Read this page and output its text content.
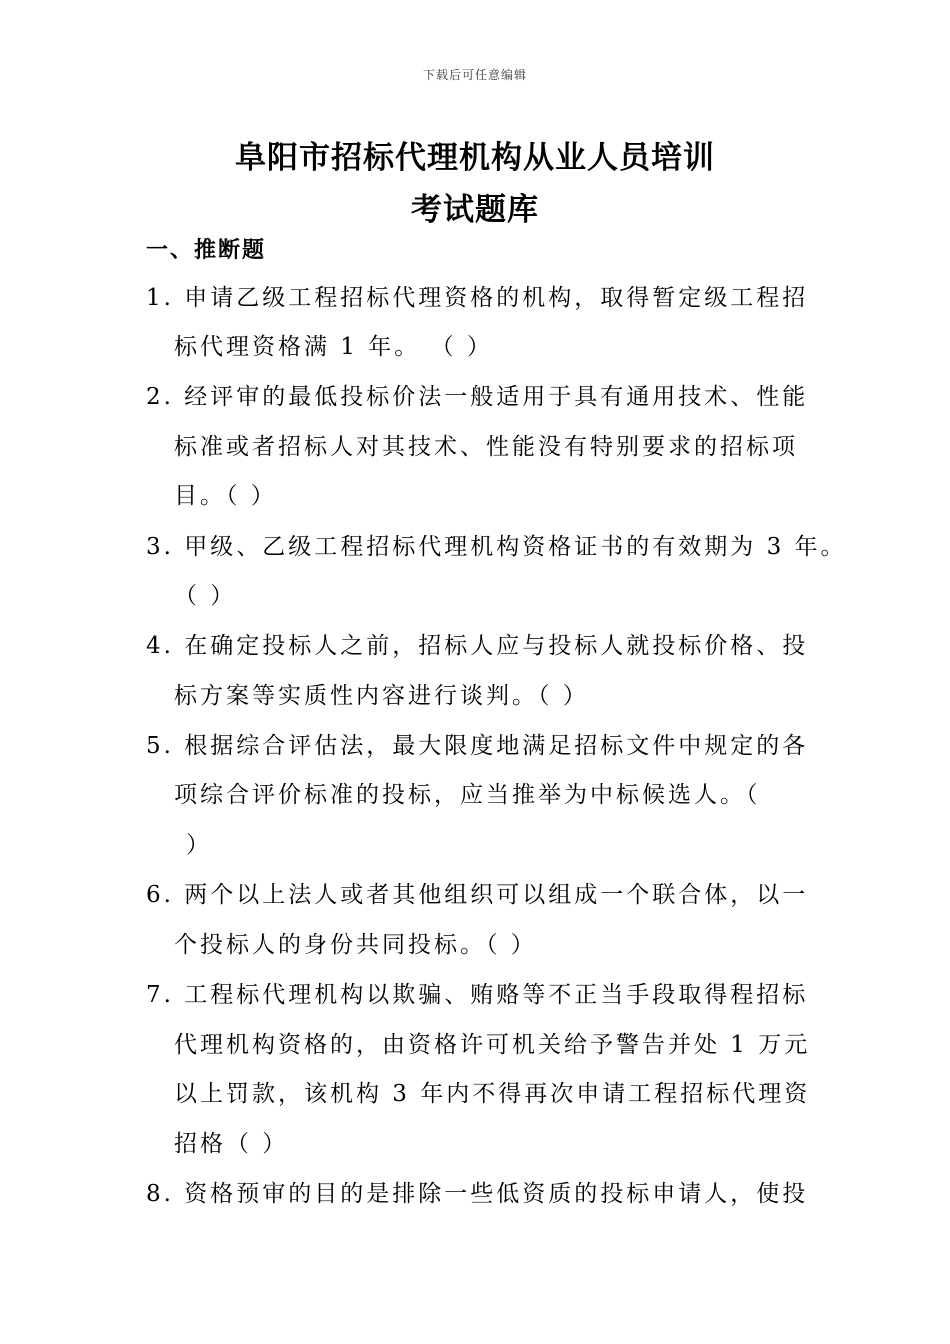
下载后可任意编辑
阜阳市招标代理机构从业人员培训
考试题库
一、推断题
1. 申请乙级工程招标代理资格的机构，取得暂定级工程招
标代理资格满 1 年。 （ ）
2. 经评审的最低投标价法一般适用于具有通用技术、性能
标准或者招标人对其技术、性能没有特别要求的招标项
目。（ ）
3. 甲级、乙级工程招标代理机构资格证书的有效期为 3 年。
（ ）
4. 在确定投标人之前，招标人应与投标人就投标价格、投
标方案等实质性内容进行谈判。（ ）
5. 根据综合评估法，最大限度地满足招标文件中规定的各
项综合评价标准的投标，应当推举为中标候选人。（
）
6. 两个以上法人或者其他组织可以组成一个联合体，以一
个投标人的身份共同投标。（ ）
7. 工程标代理机构以欺骗、贿赂等不正当手段取得程招标
代理机构资格的，由资格许可机关给予警告并处 1 万元
以上罚款，该机构 3 年内不得再次申请工程招标代理资
招格（ ）
8. 资格预审的目的是排除一些低资质的投标申请人，使投
